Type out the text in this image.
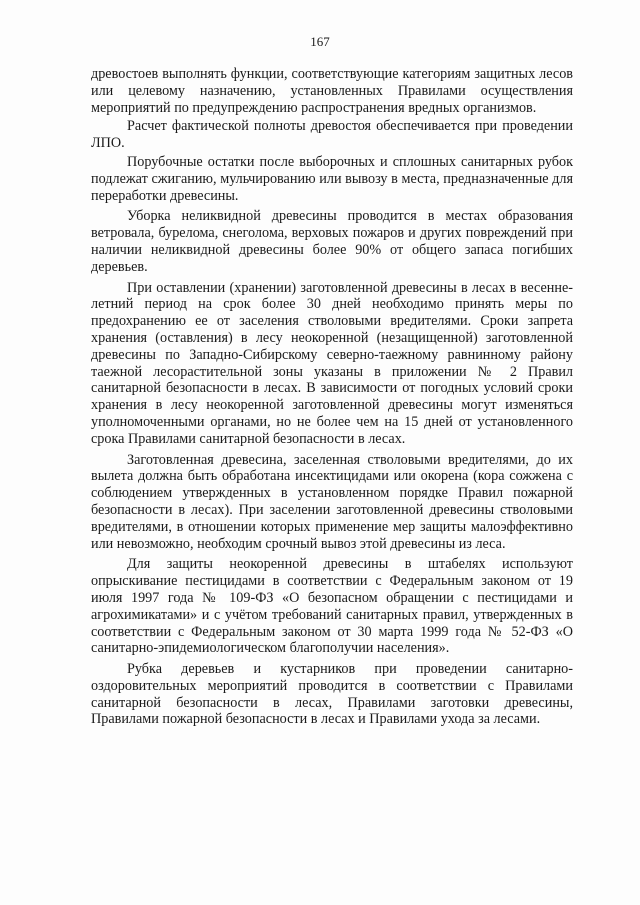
167

древостоев выполнять функции, соответствующие категориям защитных лесов или целевому назначению, установленных Правилами осуществления мероприятий по предупреждению распространения вредных организмов.

Расчет фактической полноты древостоя обеспечивается при проведении ЛПО.

Порубочные остатки после выборочных и сплошных санитарных рубок подлежат сжиганию, мульчированию или вывозу в места, предназначенные для переработки древесины.

Уборка неликвидной древесины проводится в местах образования ветровала, бурелома, снеголома, верховых пожаров и других повреждений при наличии неликвидной древесины более 90% от общего запаса погибших деревьев.

При оставлении (хранении) заготовленной древесины в лесах в весенне-летний период на срок более 30 дней необходимо принять меры по предохранению ее от заселения стволовыми вредителями. Сроки запрета хранения (оставления) в лесу неокоренной (незащищенной) заготовленной древесины по Западно-Сибирскому северно-таежному равнинному району таежной лесорастительной зоны указаны в приложении № 2 Правил санитарной безопасности в лесах. В зависимости от погодных условий сроки хранения в лесу неокоренной заготовленной древесины могут изменяться уполномоченными органами, но не более чем на 15 дней от установленного срока Правилами санитарной безопасности в лесах.

Заготовленная древесина, заселенная стволовыми вредителями, до их вылета должна быть обработана инсектицидами или окорена (кора сожжена с соблюдением утвержденных в установленном порядке Правил пожарной безопасности в лесах). При заселении заготовленной древесины стволовыми вредителями, в отношении которых применение мер защиты малоэффективно или невозможно, необходим срочный вывоз этой древесины из леса.

Для защиты неокоренной древесины в штабелях используют опрыскивание пестицидами в соответствии с Федеральным законом от 19 июля 1997 года № 109-ФЗ «О безопасном обращении с пестицидами и агрохимикатами» и с учётом требований санитарных правил, утвержденных в соответствии с Федеральным законом от 30 марта 1999 года № 52-ФЗ «О санитарно-эпидемиологическом благополучии населения».

Рубка деревьев и кустарников при проведении санитарно-оздоровительных мероприятий проводится в соответствии с Правилами санитарной безопасности в лесах, Правилами заготовки древесины, Правилами пожарной безопасности в лесах и Правилами ухода за лесами.
